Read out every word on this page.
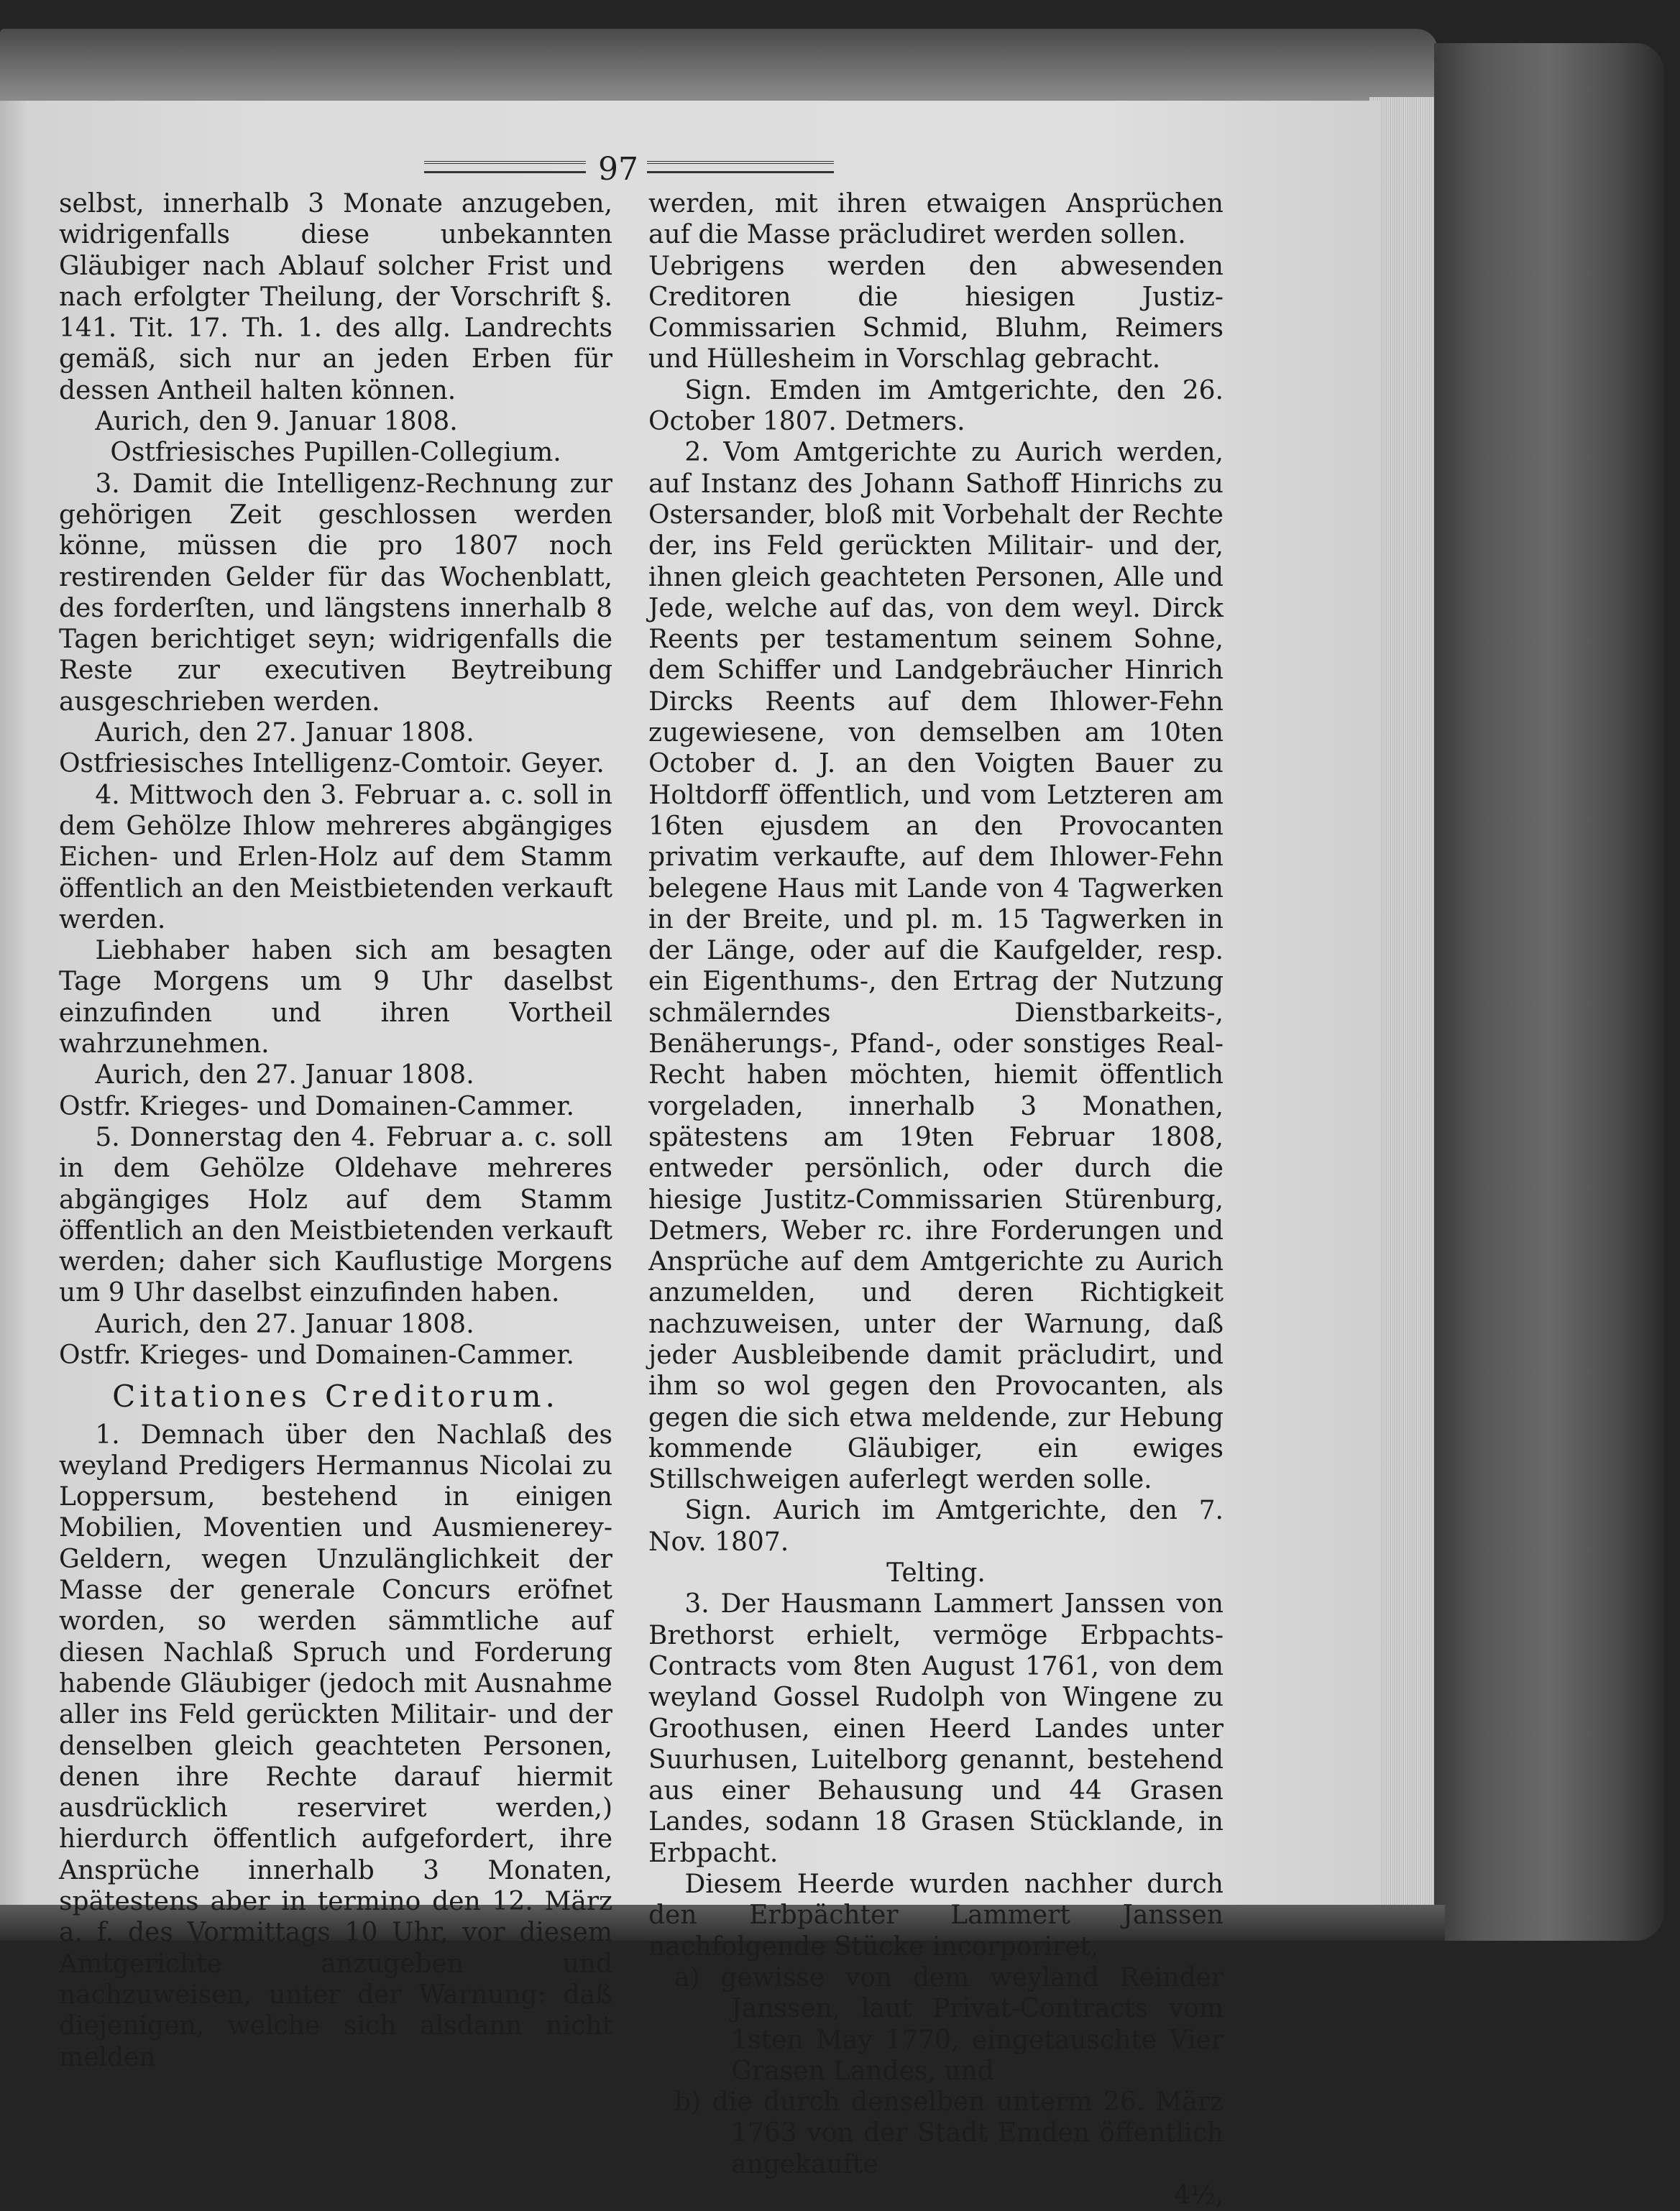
97

selbst, innerhalb 3 Monate anzugeben, widrigenfalls diese unbekannten Gläubiger nach Ablauf solcher Frist und nach erfolgter Theilung, der Vorschrift §. 141. Tit. 17. Th. 1. des allg. Landrechts gemäß, sich nur an jeden Erben für dessen Antheil halten können.

Aurich, den 9. Januar 1808.

Ostfriesisches Pupillen-Collegium.

3. Damit die Intelligenz-Rechnung zur gehörigen Zeit geschlossen werden könne, müssen die pro 1807 noch restirenden Gelder für das Wochenblatt, des forderſten, und längstens innerhalb 8 Tagen berichtiget seyn; widrigenfalls die Reste zur executiven Beytreibung ausgeschrieben werden.

Aurich, den 27. Januar 1808.

Ostfriesisches Intelligenz-Comtoir. Geyer.

4. Mittwoch den 3. Februar a. c. soll in dem Gehölze Ihlow mehreres abgängiges Eichen- und Erlen-Holz auf dem Stamm öffentlich an den Meistbietenden verkauft werden.

Liebhaber haben sich am besagten Tage Morgens um 9 Uhr daselbst einzufinden und ihren Vortheil wahrzunehmen.

Aurich, den 27. Januar 1808.

Ostfr. Krieges- und Domainen-Cammer.

5. Donnerstag den 4. Februar a. c. soll in dem Gehölze Oldehave mehreres abgängiges Holz auf dem Stamm öffentlich an den Meistbietenden verkauft werden; daher sich Kauflustige Morgens um 9 Uhr daselbst einzufinden haben.

Aurich, den 27. Januar 1808.

Ostfr. Krieges- und Domainen-Cammer.

Citationes Creditorum.

1. Demnach über den Nachlaß des weyland Predigers Hermannus Nicolai zu Loppersum, bestehend in einigen Mobilien, Moventien und Ausmienerey-Geldern, wegen Unzulänglichkeit der Masse der generale Concurs eröfnet worden, so werden sämmtliche auf diesen Nachlaß Spruch und Forderung habende Gläubiger (jedoch mit Ausnahme aller ins Feld gerückten Militair- und der denselben gleich geachteten Personen, denen ihre Rechte darauf hiermit ausdrücklich reserviret werden,) hierdurch öffentlich aufgefordert, ihre Ansprüche innerhalb 3 Monaten, spätestens aber in termino den 12. März a. f. des Vormittags 10 Uhr, vor diesem Amtgerichte anzugeben und nachzuweisen, unter der Warnung: daß diejenigen, welche sich alsdann nicht melden

werden, mit ihren etwaigen Ansprüchen auf die Masse präcludiret werden sollen.

Uebrigens werden den abwesenden Creditoren die hiesigen Justiz-Commissarien Schmid, Bluhm, Reimers und Hüllesheim in Vorschlag gebracht.

Sign. Emden im Amtgerichte, den 26. October 1807. Detmers.

2. Vom Amtgerichte zu Aurich werden, auf Instanz des Johann Sathoff Hinrichs zu Ostersander, bloß mit Vorbehalt der Rechte der, ins Feld gerückten Militair- und der, ihnen gleich geachteten Personen, Alle und Jede, welche auf das, von dem weyl. Dirck Reents per testamentum seinem Sohne, dem Schiffer und Landgebräucher Hinrich Dircks Reents auf dem Ihlower-Fehn zugewiesene, von demselben am 10ten October d. J. an den Voigten Bauer zu Holtdorff öffentlich, und vom Letzteren am 16ten ejusdem an den Provocanten privatim verkaufte, auf dem Ihlower-Fehn belegene Haus mit Lande von 4 Tagwerken in der Breite, und pl. m. 15 Tagwerken in der Länge, oder auf die Kaufgelder, resp. ein Eigenthums-, den Ertrag der Nutzung schmälerndes Dienstbarkeits-, Benäherungs-, Pfand-, oder sonstiges Real-Recht haben möchten, hiemit öffentlich vorgeladen, innerhalb 3 Monathen, spätestens am 19ten Februar 1808, entweder persönlich, oder durch die hiesige Justitz-Commissarien Stürenburg, Detmers, Weber rc. ihre Forderungen und Ansprüche auf dem Amtgerichte zu Aurich anzumelden, und deren Richtigkeit nachzuweisen, unter der Warnung, daß jeder Ausbleibende damit präcludirt, und ihm so wol gegen den Provocanten, als gegen die sich etwa meldende, zur Hebung kommende Gläubiger, ein ewiges Stillschweigen auferlegt werden solle.

Sign. Aurich im Amtgerichte, den 7. Nov. 1807.

Telting.

3. Der Hausmann Lammert Janssen von Brethorst erhielt, vermöge Erbpachts-Contracts vom 8ten August 1761, von dem weyland Gossel Rudolph von Wingene zu Groothusen, einen Heerd Landes unter Suurhusen, Luitelborg genannt, bestehend aus einer Behausung und 44 Grasen Landes, sodann 18 Grasen Stücklande, in Erbpacht.

Diesem Heerde wurden nachher durch den Erbpächter Lammert Janssen nachfolgende Stücke incorporiret,

a) gewisse von dem weyland Reinder Janssen, laut Privat-Contracts vom 1sten May 1770, eingetauschte Vier Grasen Landes, und

b) die durch denselben unterm 26. März 1763 von der Stadt Emden öffentlich angekaufte

4½,
